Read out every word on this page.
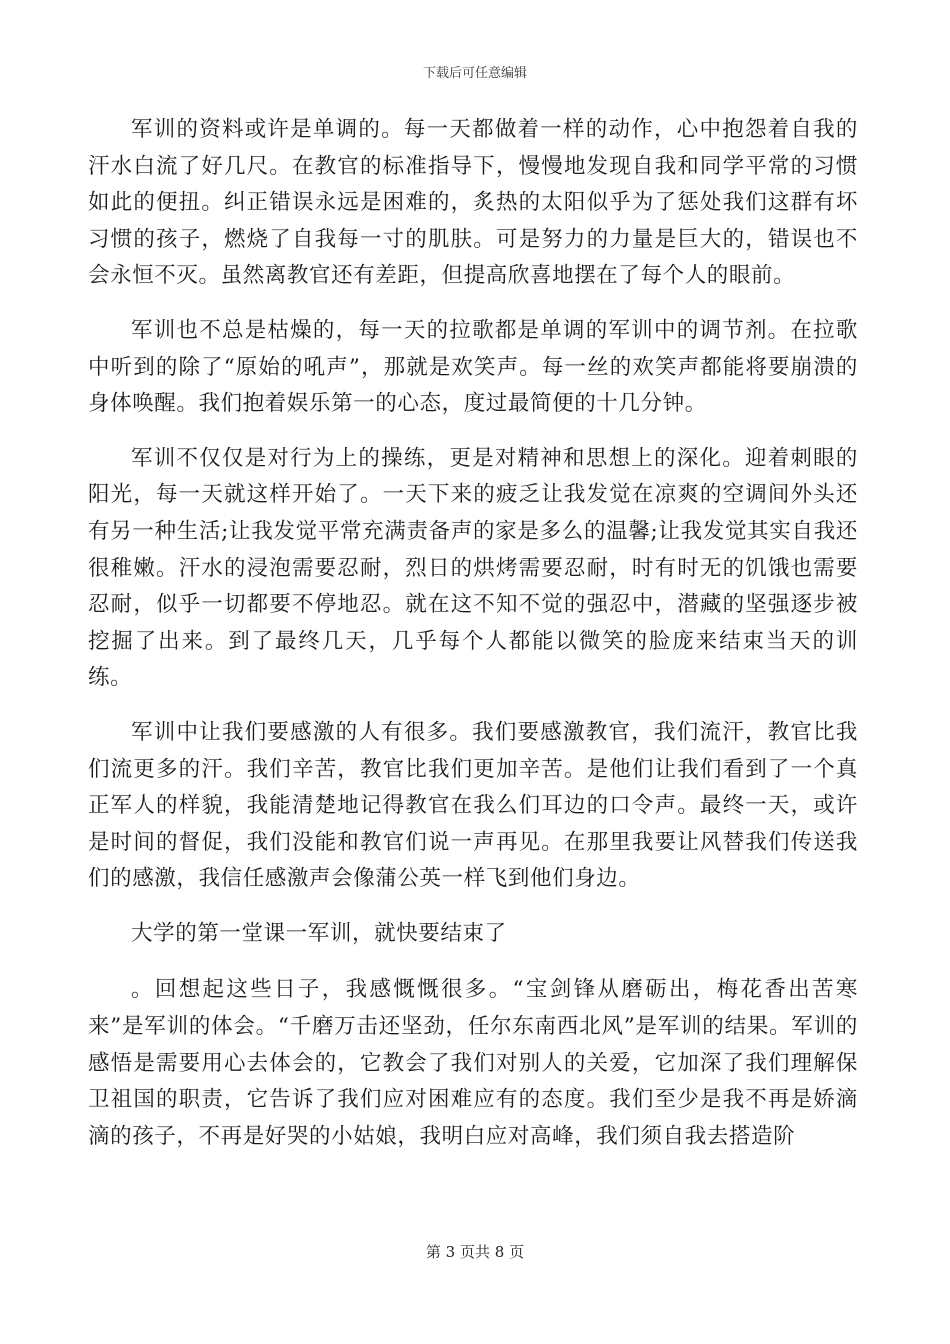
下载后可任意编辑

军训的资料或许是单调的。每一天都做着一样的动作，心中抱怨着自我的汗水白流了好几尺。在教官的标准指导下，慢慢地发现自我和同学平常的习惯如此的便扭。纠正错误永远是困难的，炙热的太阳似乎为了惩处我们这群有坏习惯的孩子，燃烧了自我每一寸的肌肤。可是努力的力量是巨大的，错误也不会永恒不灭。虽然离教官还有差距，但提高欣喜地摆在了每个人的眼前。

军训也不总是枯燥的，每一天的拉歌都是单调的军训中的调节剂。在拉歌中听到的除了“原始的吼声”，那就是欢笑声。每一丝的欢笑声都能将要崩溃的身体唤醒。我们抱着娱乐第一的心态，度过最简便的十几分钟。

军训不仅仅是对行为上的操练，更是对精神和思想上的深化。迎着刺眼的阳光，每一天就这样开始了。一天下来的疲乏让我发觉在凉爽的空调间外头还有另一种生活;让我发觉平常充满责备声的家是多么的温馨;让我发觉其实自我还很稚嫩。汗水的浸泡需要忍耐，烈日的烘烤需要忍耐，时有时无的饥饿也需要忍耐，似乎一切都要不停地忍。就在这不知不觉的强忍中，潜藏的坚强逐步被挖掘了出来。到了最终几天，几乎每个人都能以微笑的脸庞来结束当天的训练。

军训中让我们要感激的人有很多。我们要感激教官，我们流汗，教官比我们流更多的汗。我们辛苦，教官比我们更加辛苦。是他们让我们看到了一个真正军人的样貌，我能清楚地记得教官在我么们耳边的口令声。最终一天，或许是时间的督促，我们没能和教官们说一声再见。在那里我要让风替我们传送我们的感激，我信任感激声会像蒲公英一样飞到他们身边。

大学的第一堂课一军训，就快要结束了

。回想起这些日子，我感慨慨很多。“宝剑锋从磨砺出，梅花香出苦寒来”是军训的体会。“千磨万击还坚劲，任尔东南西北风”是军训的结果。军训的感悟是需要用心去体会的，它教会了我们对别人的关爱，它加深了我们理解保卫祖国的职责，它告诉了我们应对困难应有的态度。我们至少是我不再是娇滴滴的孩子，不再是好哭的小姑娘，我明白应对高峰，我们须自我去搭造阶

第 3 页共 8 页
